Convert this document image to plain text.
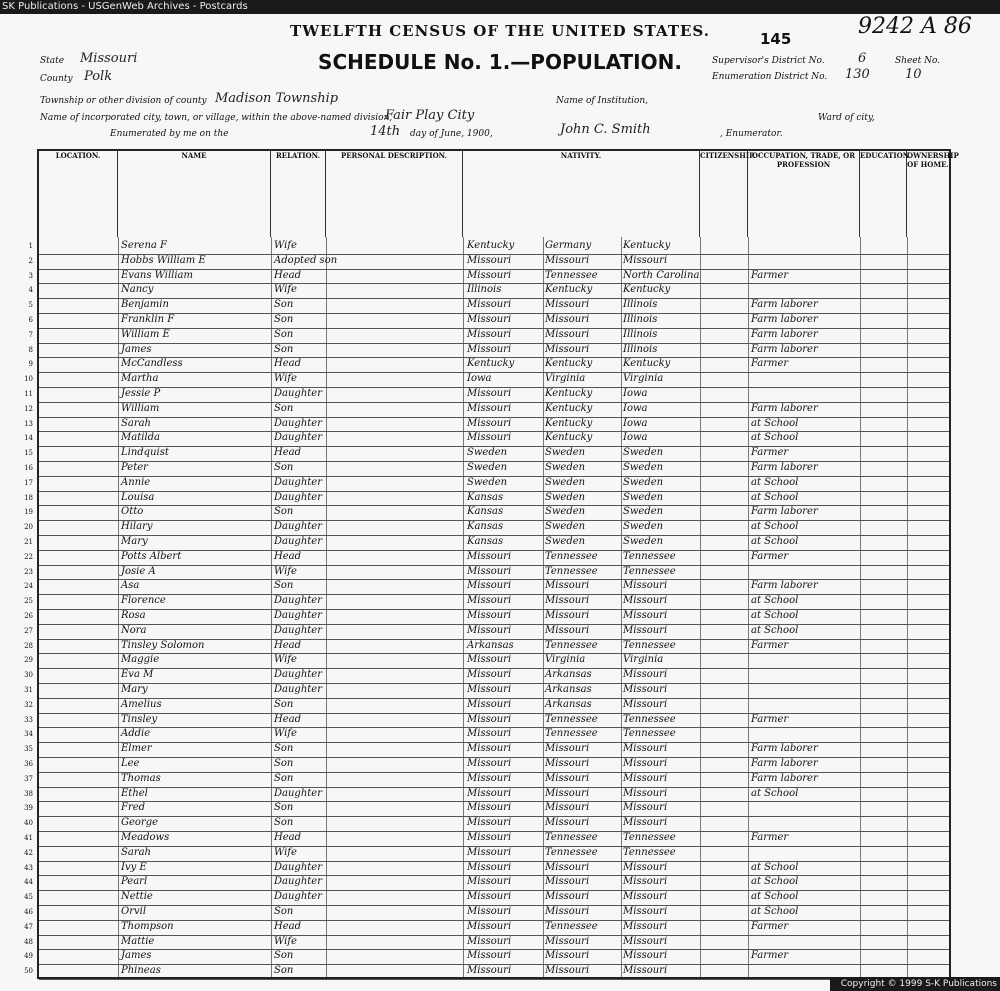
SK Publications - USGenWeb Archives - Postcards
9242 A 86
TWELFTH CENSUS OF THE UNITED STATES.	145
SCHEDULE No. 1.—POPULATION.
State Missouri
County Polk
Supervisor's District No.	6	Sheet No.
Enumeration District No. 130	10
Township or other division of county Madison Township	Name of Institution,
Name of incorporated city, town, or village, within the above-named division,
Fair Play City	Ward of city,
Enumerated by me on the	14th day of June, 1900,	John C. Smith	, Enumerator.
LOCATION.	NAME	RELATION.	PERSONAL DESCRIPTION.	NATIVITY.	CITIZENSHIP.
OCCUPATION, TRADE, OR PROFESSION
EDUCATION.
OWNERSHIP OF HOME.
1	Serena F	Wife	Kentucky	Germany	Kentucky
2	Hobbs William E	Adopted son	Missouri	Missouri	Missouri
3	Evans William	Head	Missouri	Tennessee	North Carolina	Farmer
4	Nancy	Wife	Illinois	Kentucky	Kentucky
5	Benjamin	Son	Missouri	Missouri	Illinois	Farm laborer
6	Franklin F	Son	Missouri	Missouri	Illinois	Farm laborer
7	William E	Son	Missouri	Missouri	Illinois	Farm laborer
8	James	Son	Missouri	Missouri	Illinois	Farm laborer
9	McCandless	Head	Kentucky	Kentucky	Kentucky	Farmer
10	Martha	Wife	Iowa	Virginia	Virginia
11	Jessie P	Daughter	Missouri	Kentucky	Iowa
12	William	Son	Missouri	Kentucky	Iowa	Farm laborer
13	Sarah	Daughter	Missouri	Kentucky	Iowa	at School
14	Matilda	Daughter	Missouri	Kentucky	Iowa	at School
15	Lindquist	Head	Sweden	Sweden	Sweden	Farmer
16	Peter	Son	Sweden	Sweden	Sweden	Farm laborer
17	Annie	Daughter	Sweden	Sweden	Sweden	at School
18	Louisa	Daughter	Kansas	Sweden	Sweden	at School
19	Otto	Son	Kansas	Sweden	Sweden	Farm laborer
20	Hilary	Daughter	Kansas	Sweden	Sweden	at School
21	Mary	Daughter	Kansas	Sweden	Sweden	at School
22	Potts Albert	Head	Missouri	Tennessee	Tennessee	Farmer
23	Josie A	Wife	Missouri	Tennessee	Tennessee
24	Asa	Son	Missouri	Missouri	Missouri	Farm laborer
25	Florence	Daughter	Missouri	Missouri	Missouri	at School
26	Rosa	Daughter	Missouri	Missouri	Missouri	at School
27	Nora	Daughter	Missouri	Missouri	Missouri	at School
28	Tinsley Solomon	Head	Arkansas	Tennessee	Tennessee	Farmer
29	Maggie	Wife	Missouri	Virginia	Virginia
30	Eva M	Daughter	Missouri	Arkansas	Missouri
31	Mary	Daughter	Missouri	Arkansas	Missouri
32	Amelius	Son	Missouri	Arkansas	Missouri
33	Tinsley	Head	Missouri	Tennessee	Tennessee	Farmer
34	Addie	Wife	Missouri	Tennessee	Tennessee
35	Elmer	Son	Missouri	Missouri	Missouri	Farm laborer
36	Lee	Son	Missouri	Missouri	Missouri	Farm laborer
37	Thomas	Son	Missouri	Missouri	Missouri	Farm laborer
38	Ethel	Daughter	Missouri	Missouri	Missouri	at School
39	Fred	Son	Missouri	Missouri	Missouri
40	George	Son	Missouri	Missouri	Missouri
41	Meadows	Head	Missouri	Tennessee	Tennessee	Farmer
42	Sarah	Wife	Missouri	Tennessee	Tennessee
43	Ivy E	Daughter	Missouri	Missouri	Missouri	at School
44	Pearl	Daughter	Missouri	Missouri	Missouri	at School
45	Nettie	Daughter	Missouri	Missouri	Missouri	at School
46	Orvil	Son	Missouri	Missouri	Missouri	at School
47	Thompson	Head	Missouri	Tennessee	Missouri	Farmer
48	Mattie	Wife	Missouri	Missouri	Missouri
49	James	Son	Missouri	Missouri	Missouri	Farmer
50	Phineas	Son	Missouri	Missouri	Missouri
Copyright © 1999 S-K Publications
